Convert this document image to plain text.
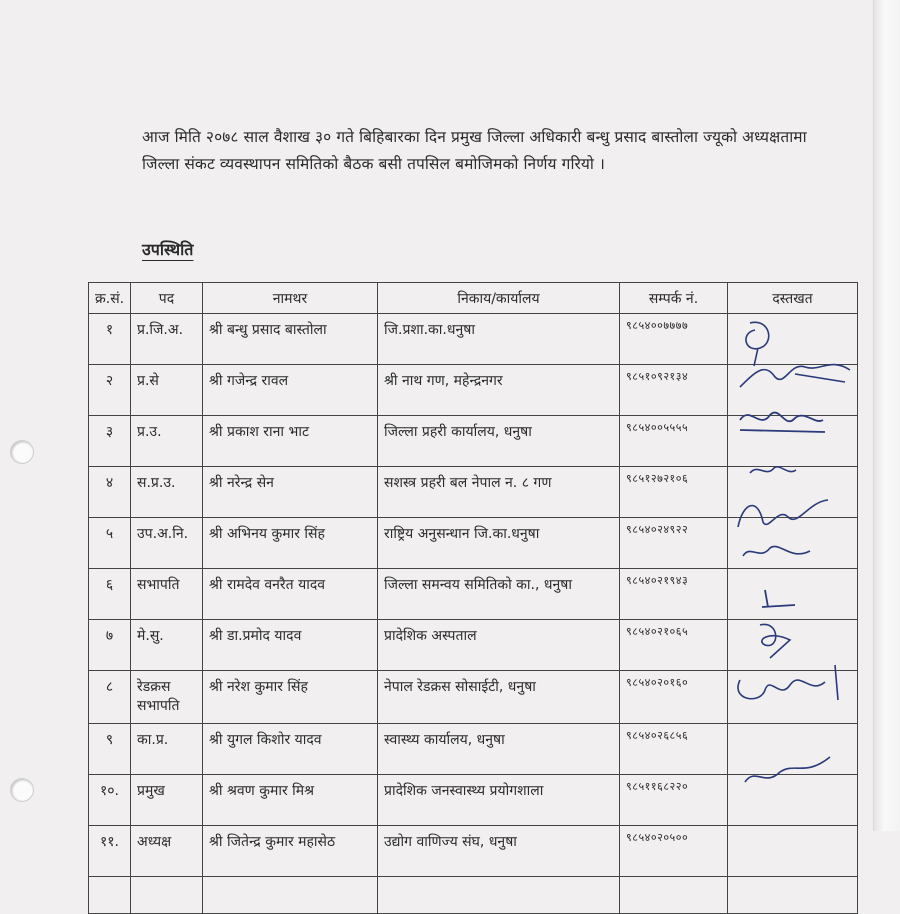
आज मिति २०७८ साल वैशाख ३० गते बिहिबारका दिन प्रमुख जिल्ला अधिकारी बन्धु प्रसाद बास्तोला ज्यूको अध्यक्षतामा जिल्ला संकट व्यवस्थापन समितिको बैठक बसी तपसिल बमोजिमको निर्णय गरियो ।

उपस्थिति
क्र.सं.	पद	नामथर	निकाय/कार्यालय	सम्पर्क नं.	दस्तखत
१	प्र.जि.अ.	श्री बन्धु प्रसाद बास्तोला	जि.प्रशा.का.धनुषा	९८५४००७७७७	
२	प्र.से	श्री गजेन्द्र रावल	श्री नाथ गण, महेन्द्रनगर	९८५१०९२१३४	
३	प्र.उ.	श्री प्रकाश राना भाट	जिल्ला प्रहरी कार्यालय, धनुषा	९८५४००५५५५	
४	स.प्र.उ.	श्री नरेन्द्र सेन	सशस्त्र प्रहरी बल नेपाल न. ८ गण	९८५१२७२१०६	
५	उप.अ.नि.	श्री अभिनय कुमार सिंह	राष्ट्रिय अनुसन्धान जि.का.धनुषा	९८५४०२४९२२	
६	सभापति	श्री रामदेव वनरैत यादव	जिल्ला समन्वय समितिको का., धनुषा	९८५४०२१९४३	
७	मे.सु.	श्री डा.प्रमोद यादव	प्रादेशिक अस्पताल	९८५४०२१०६५	
८	रेडक्रस सभापति	श्री नरेश कुमार सिंह	नेपाल रेडक्रस सोसाईटी, धनुषा	९८५४०२०१६०	
९	का.प्र.	श्री युगल किशोर यादव	स्वास्थ्य कार्यालय, धनुषा	९८५४०२६८५६	
१०.	प्रमुख	श्री श्रवण कुमार मिश्र	प्रादेशिक जनस्वास्थ्य प्रयोगशाला	९८५११६८२२०	
११.	अध्यक्ष	श्री जितेन्द्र कुमार महासेठ	उद्योग वाणिज्य संघ, धनुषा	९८५४०२०५००	
